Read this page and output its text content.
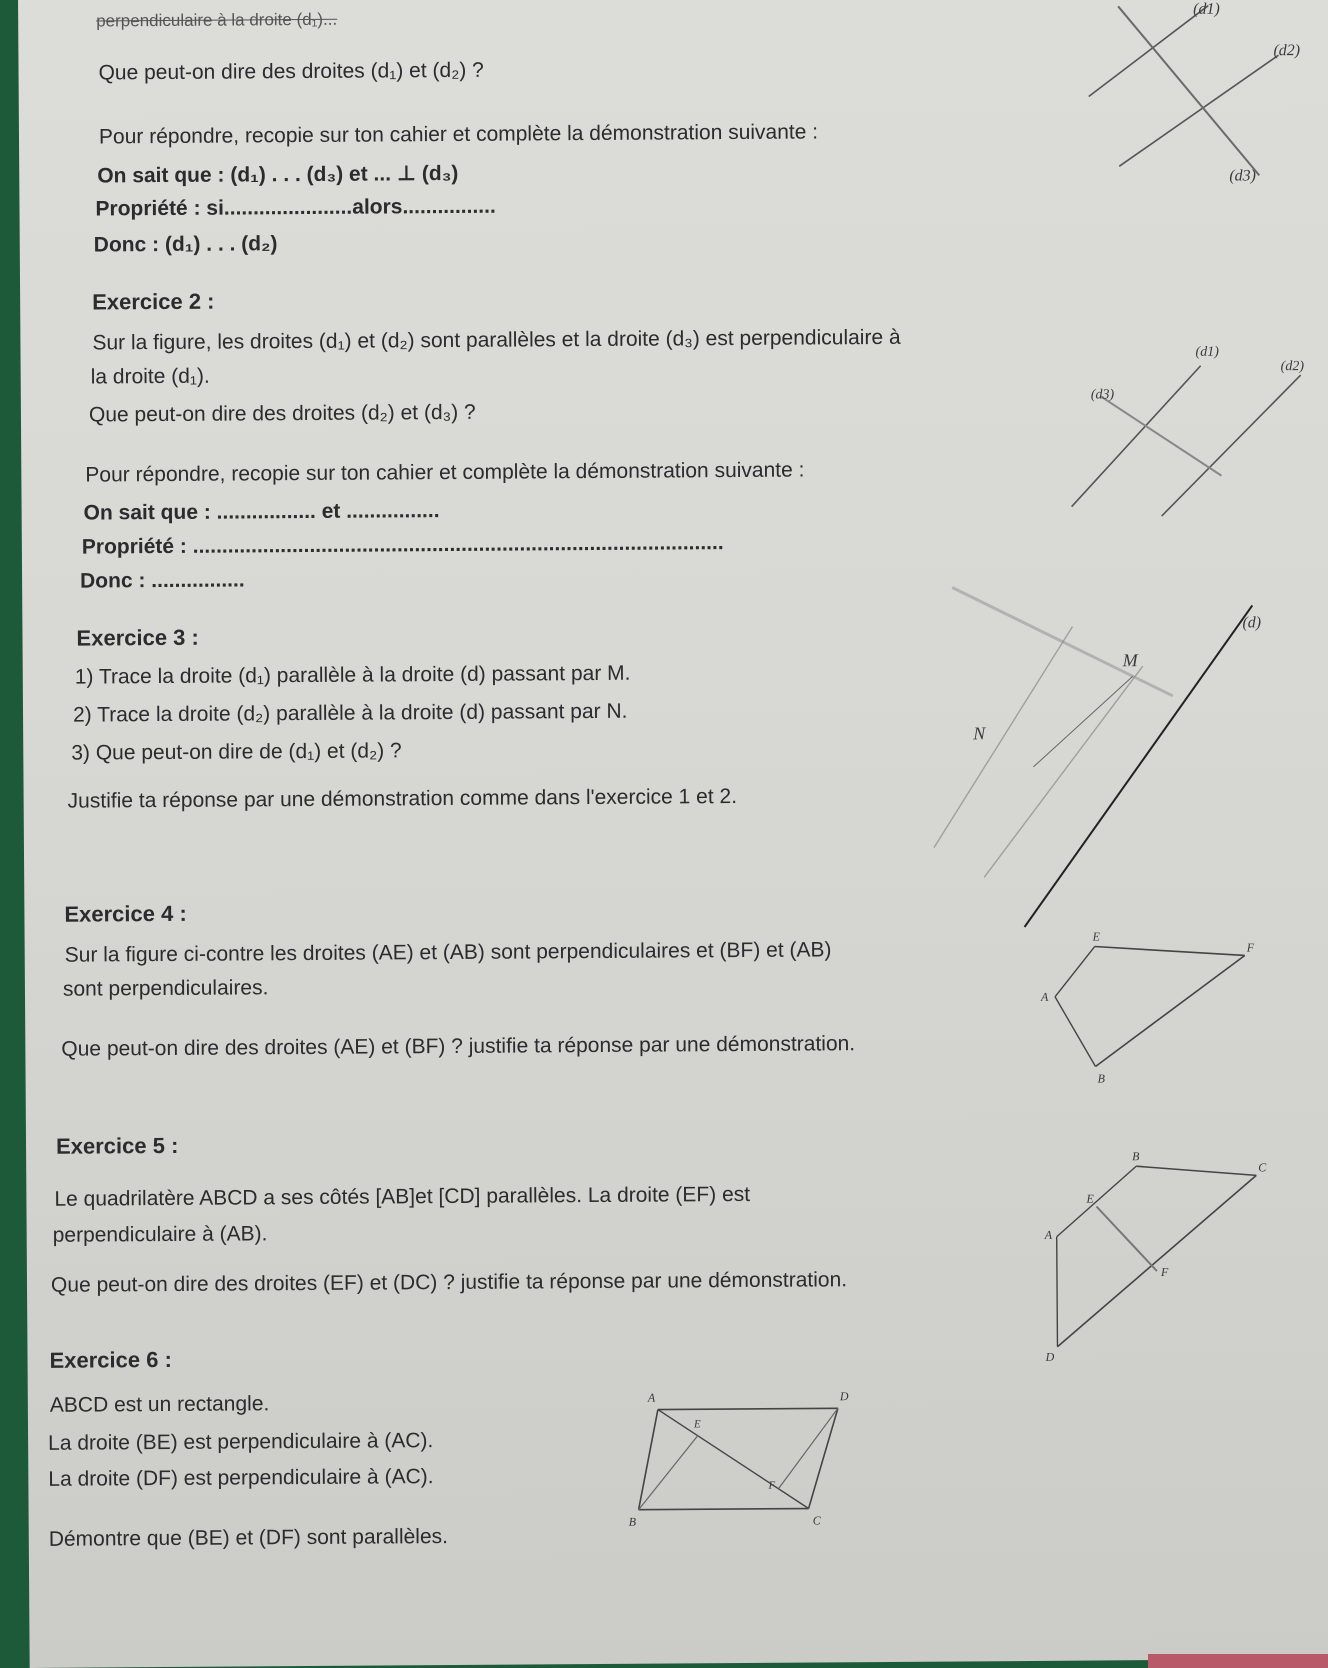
perpendiculaire à la droite (d₁)...
Que peut-on dire des droites (d₁) et (d₂) ?
Pour répondre, recopie sur ton cahier et complète la démonstration suivante :
On sait que : (d₁) . . . (d₃) et ... ⊥ (d₃)
Propriété : si......................alors................
Donc : (d₁) . . . (d₂)
(d1)
(d2)
(d3)
Exercice 2 :
Sur la figure, les droites (d₁) et (d₂) sont parallèles et la droite (d₃) est perpendiculaire à
la droite (d₁).
Que peut-on dire des droites (d₂) et (d₃) ?
Pour répondre, recopie sur ton cahier et complète la démonstration suivante :
On sait que : ................. et ................
Propriété : ...........................................................................................
Donc : ................
(d1)
(d2)
(d3)
Exercice 3 :
1) Trace la droite (d₁) parallèle à la droite (d) passant par M.
2) Trace la droite (d₂) parallèle à la droite (d) passant par N.
3) Que peut-on dire de (d₁) et (d₂) ?
Justifie ta réponse par une démonstration comme dans l'exercice 1 et 2.
(d)
M
N
Exercice 4 :
Sur la figure ci-contre les droites (AE) et (AB) sont perpendiculaires et (BF) et (AB)
sont perpendiculaires.
Que peut-on dire des droites (AE) et (BF) ? justifie ta réponse par une démonstration.
E
F
A
B
Exercice 5 :
Le quadrilatère ABCD a ses côtés [AB]et [CD] parallèles. La droite (EF) est
perpendiculaire à (AB).
Que peut-on dire des droites (EF) et (DC) ? justifie ta réponse par une démonstration.
B
C
E
A
F
D
Exercice 6 :
ABCD est un rectangle.
La droite (BE) est perpendiculaire à (AC).
La droite (DF) est perpendiculaire à (AC).
Démontre que (BE) et (DF) sont parallèles.
A	D
E
F
B	C
